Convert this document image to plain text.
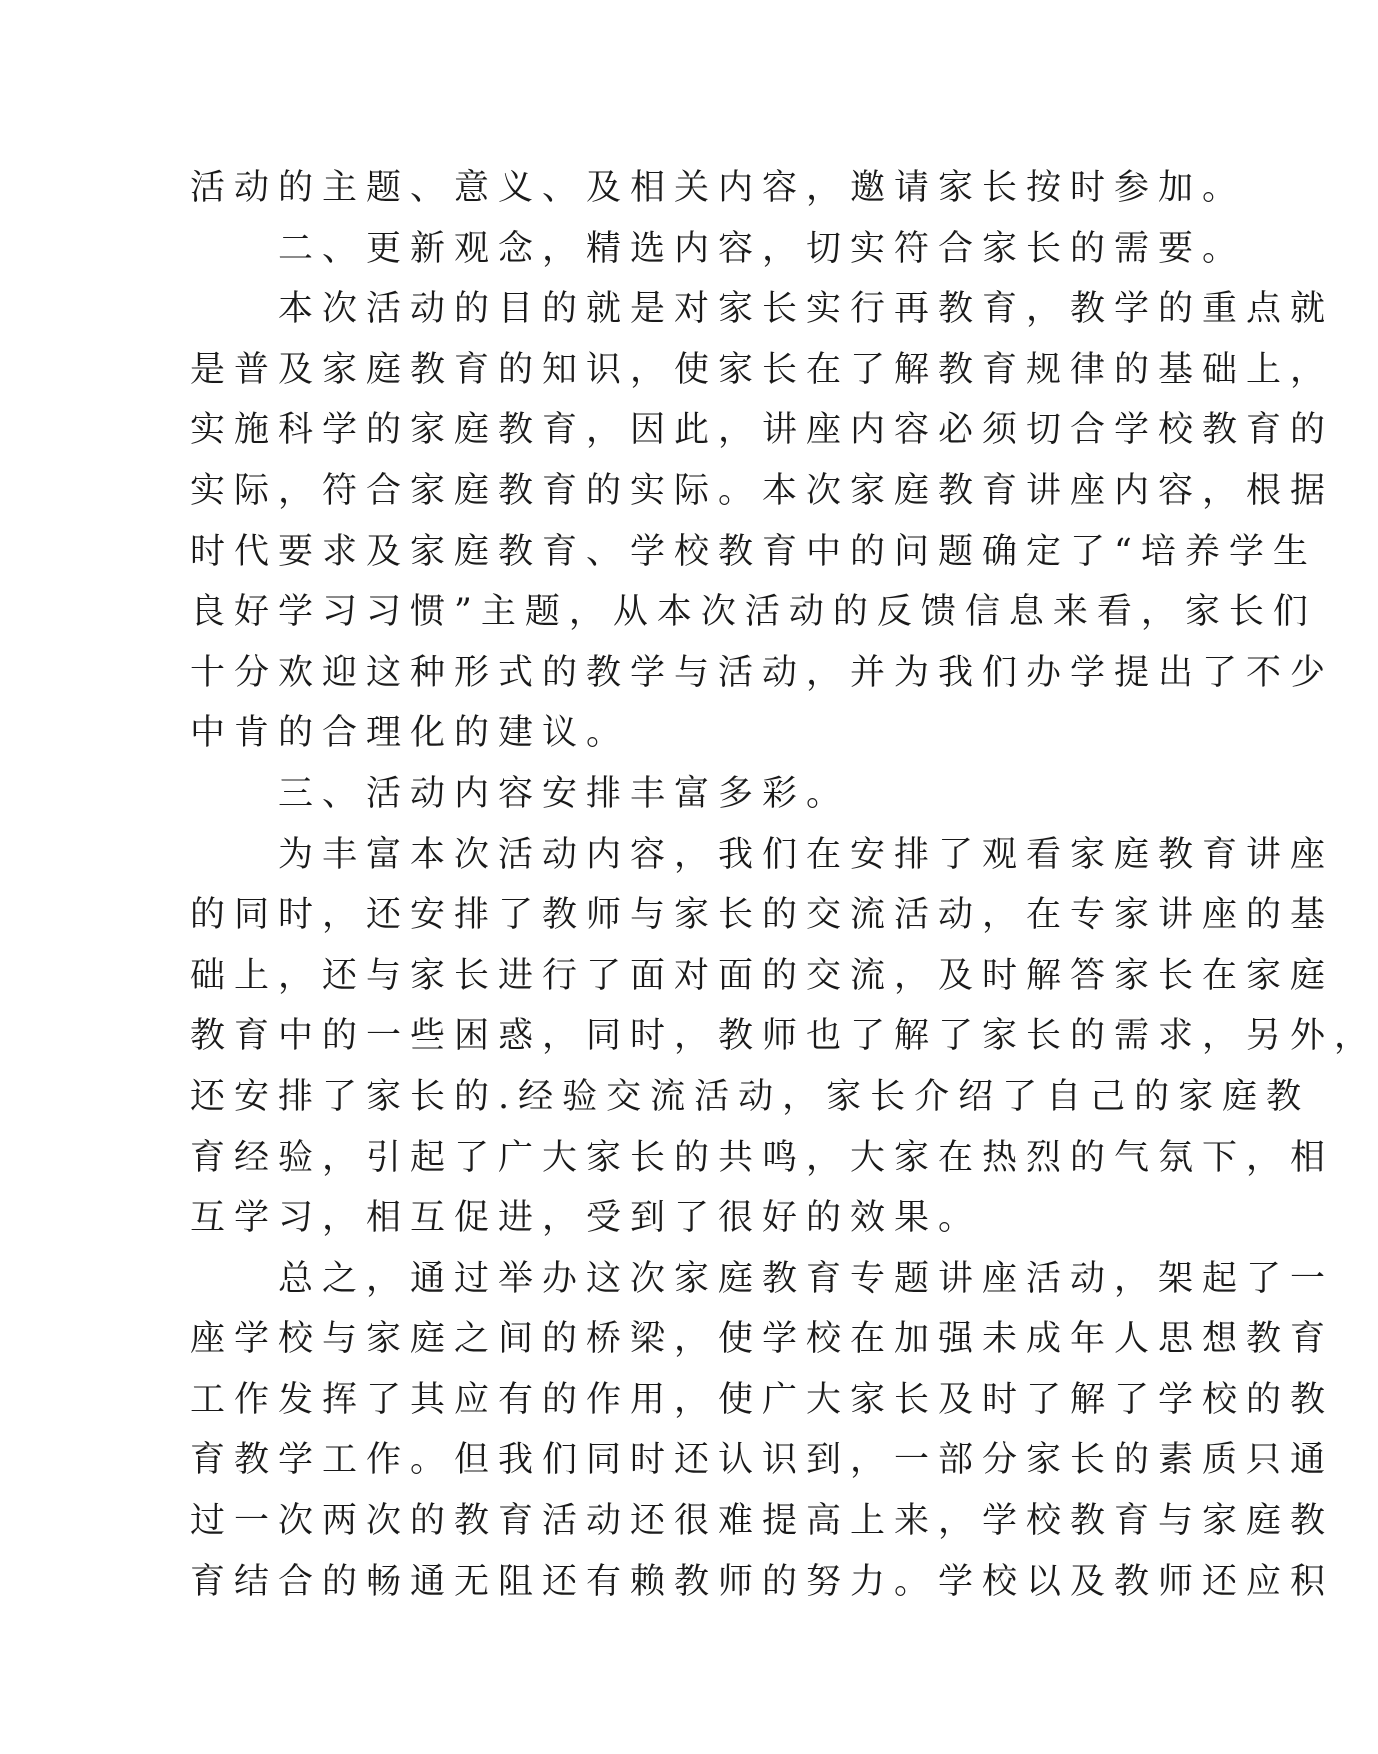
活动的主题、意义、及相关内容，邀请家长按时参加。
二、更新观念，精选内容，切实符合家长的需要。
本次活动的目的就是对家长实行再教育，教学的重点就
是普及家庭教育的知识，使家长在了解教育规律的基础上，
实施科学的家庭教育，因此，讲座内容必须切合学校教育的
实际，符合家庭教育的实际。本次家庭教育讲座内容，根据
时代要求及家庭教育、学校教育中的问题确定了“培养学生
良好学习习惯”主题，从本次活动的反馈信息来看，家长们
十分欢迎这种形式的教学与活动，并为我们办学提出了不少
中肯的合理化的建议。
三、活动内容安排丰富多彩。
为丰富本次活动内容，我们在安排了观看家庭教育讲座
的同时，还安排了教师与家长的交流活动，在专家讲座的基
础上，还与家长进行了面对面的交流，及时解答家长在家庭
教育中的一些困惑，同时，教师也了解了家长的需求，另外，
还安排了家长的.经验交流活动，家长介绍了自己的家庭教
育经验，引起了广大家长的共鸣，大家在热烈的气氛下，相
互学习，相互促进，受到了很好的效果。
总之，通过举办这次家庭教育专题讲座活动，架起了一
座学校与家庭之间的桥梁，使学校在加强未成年人思想教育
工作发挥了其应有的作用，使广大家长及时了解了学校的教
育教学工作。但我们同时还认识到，一部分家长的素质只通
过一次两次的教育活动还很难提高上来，学校教育与家庭教
育结合的畅通无阻还有赖教师的努力。学校以及教师还应积
